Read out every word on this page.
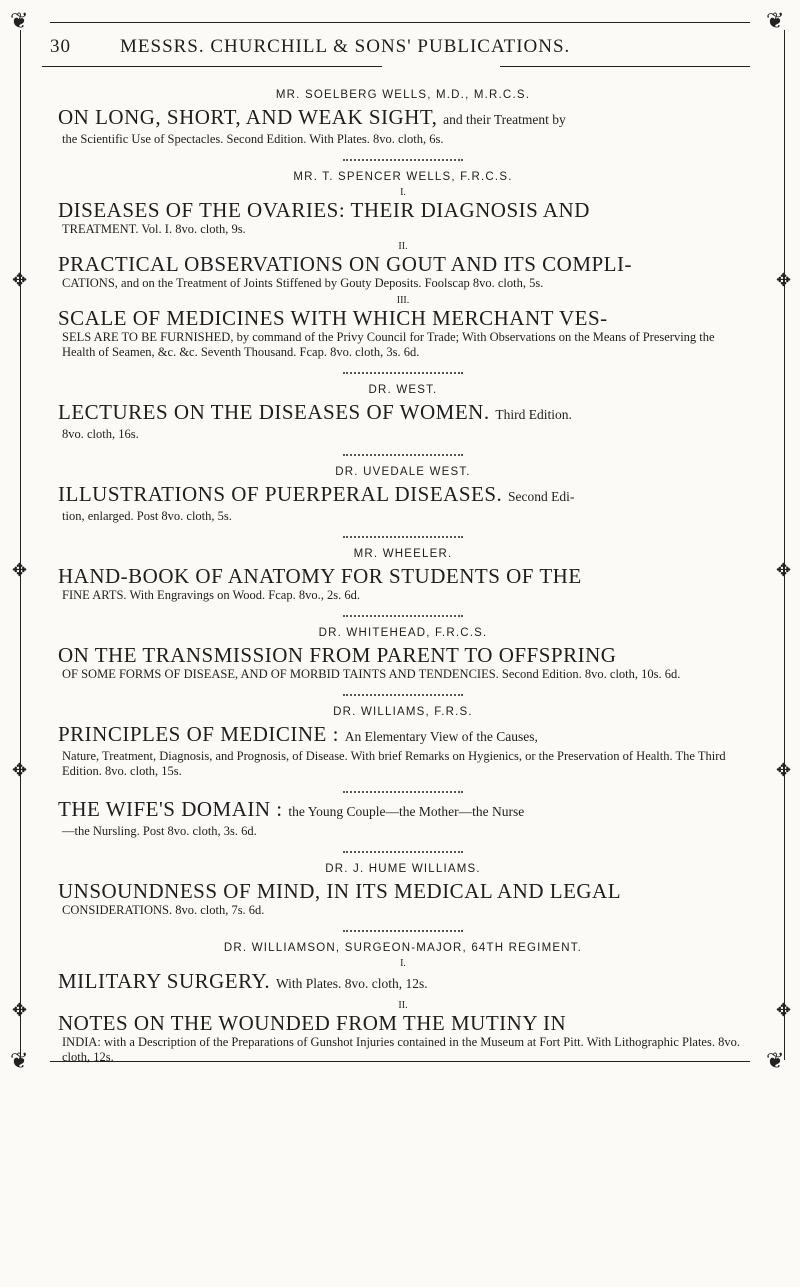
❦	❦
❦	❦
✥
✥
✥
✥
✥
✥
✥
✥
30	MESSRS. CHURCHILL & SONS' PUBLICATIONS.
MR. SOELBERG WELLS, M.D., M.R.C.S.
ON LONG, SHORT, AND WEAK SIGHT, and their Treatment by
the Scientific Use of Spectacles. Second Edition. With Plates. 8vo. cloth, 6s.
MR. T. SPENCER WELLS, F.R.C.S.
I.
DISEASES OF THE OVARIES: THEIR DIAGNOSIS AND
TREATMENT. Vol. I. 8vo. cloth, 9s.
II.
PRACTICAL OBSERVATIONS ON GOUT AND ITS COMPLI-
CATIONS, and on the Treatment of Joints Stiffened by Gouty Deposits. Foolscap 8vo. cloth, 5s.
III.
SCALE OF MEDICINES WITH WHICH MERCHANT VES-
SELS ARE TO BE FURNISHED, by command of the Privy Council for Trade; With Observations on the Means of Preserving the Health of Seamen, &c. &c. Seventh Thousand. Fcap. 8vo. cloth, 3s. 6d.
DR. WEST.
LECTURES ON THE DISEASES OF WOMEN. Third Edition.
8vo. cloth, 16s.
DR. UVEDALE WEST.
ILLUSTRATIONS OF PUERPERAL DISEASES. Second Edi-
tion, enlarged. Post 8vo. cloth, 5s.
MR. WHEELER.
HAND-BOOK OF ANATOMY FOR STUDENTS OF THE
FINE ARTS. With Engravings on Wood. Fcap. 8vo., 2s. 6d.
DR. WHITEHEAD, F.R.C.S.
ON THE TRANSMISSION FROM PARENT TO OFFSPRING
OF SOME FORMS OF DISEASE, AND OF MORBID TAINTS AND TENDENCIES. Second Edition. 8vo. cloth, 10s. 6d.
DR. WILLIAMS, F.R.S.
PRINCIPLES OF MEDICINE : An Elementary View of the Causes,
Nature, Treatment, Diagnosis, and Prognosis, of Disease. With brief Remarks on Hygienics, or the Preservation of Health. The Third Edition. 8vo. cloth, 15s.
THE WIFE'S DOMAIN : the Young Couple—the Mother—the Nurse
—the Nursling. Post 8vo. cloth, 3s. 6d.
DR. J. HUME WILLIAMS.
UNSOUNDNESS OF MIND, IN ITS MEDICAL AND LEGAL
CONSIDERATIONS. 8vo. cloth, 7s. 6d.
DR. WILLIAMSON, SURGEON-MAJOR, 64TH REGIMENT.
I.
MILITARY SURGERY. With Plates. 8vo. cloth, 12s.
II.
NOTES ON THE WOUNDED FROM THE MUTINY IN
INDIA: with a Description of the Preparations of Gunshot Injuries contained in the Museum at Fort Pitt. With Lithographic Plates. 8vo. cloth, 12s.
